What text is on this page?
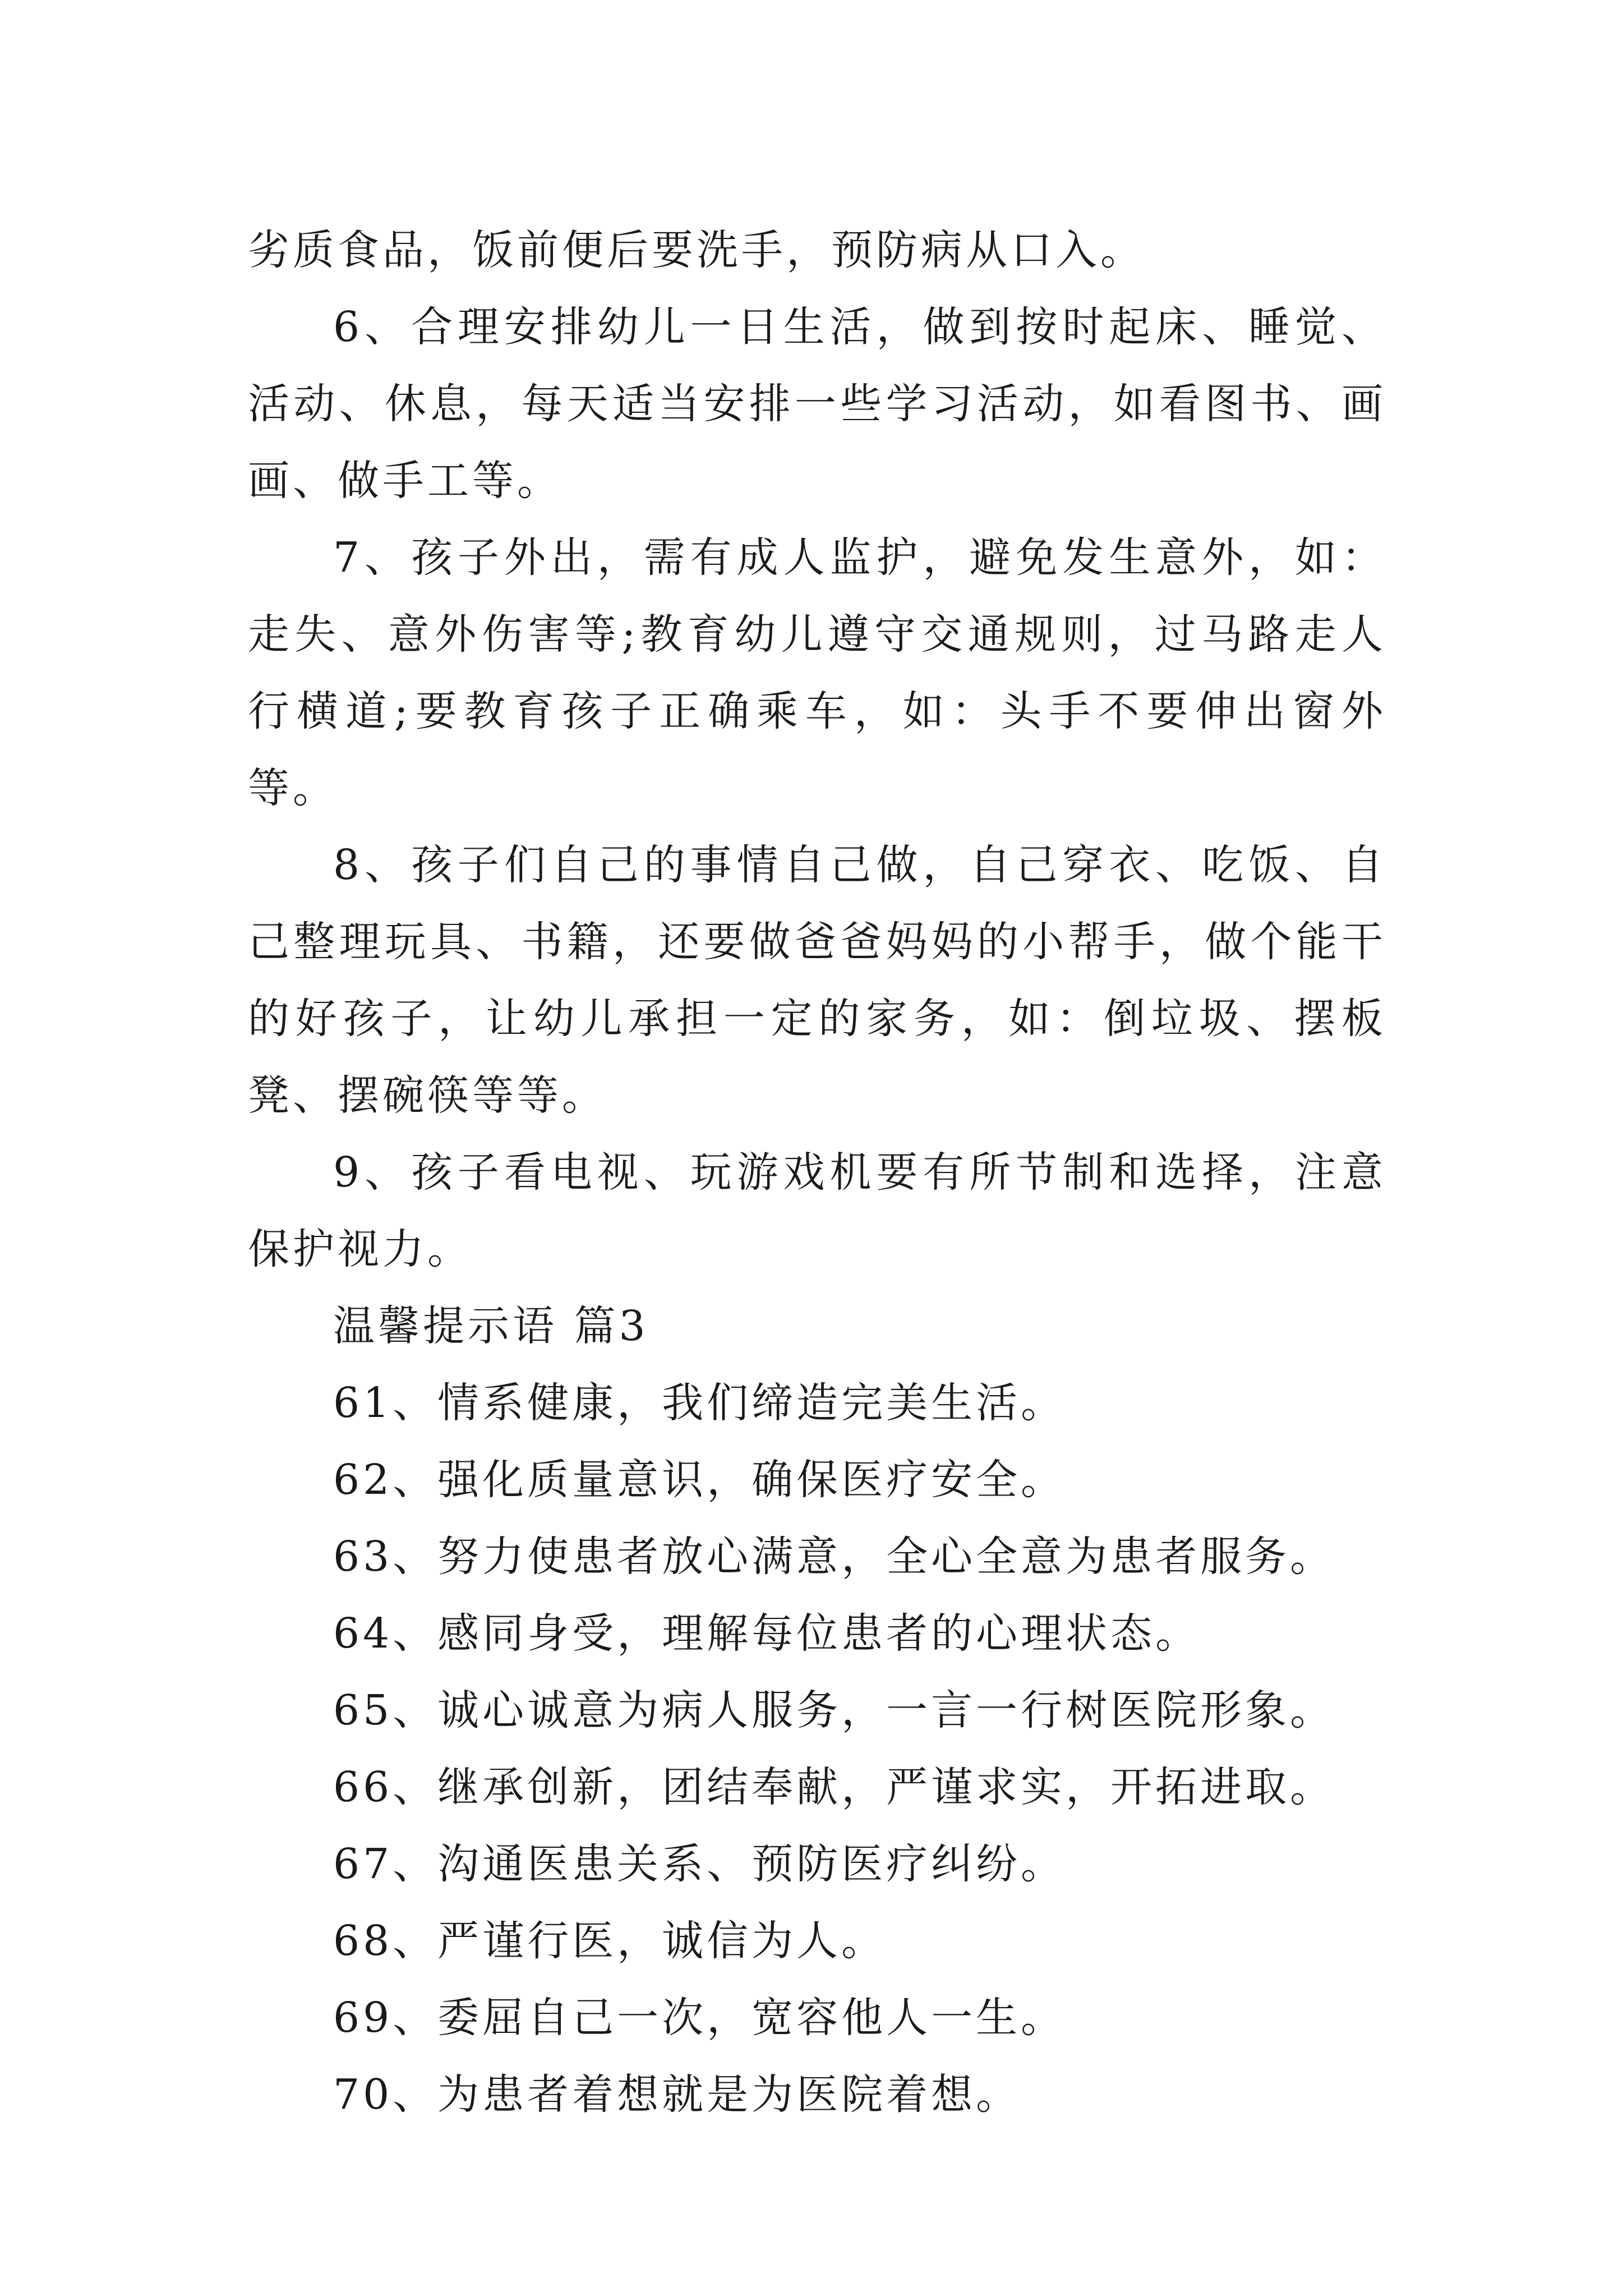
劣质食品，饭前便后要洗手，预防病从口入。

6、合理安排幼儿一日生活，做到按时起床、睡觉、活动、休息，每天适当安排一些学习活动，如看图书、画画、做手工等。

7、孩子外出，需有成人监护，避免发生意外，如：走失、意外伤害等;教育幼儿遵守交通规则，过马路走人行横道;要教育孩子正确乘车，如：头手不要伸出窗外等。

8、孩子们自己的事情自己做，自己穿衣、吃饭、自己整理玩具、书籍，还要做爸爸妈妈的小帮手，做个能干的好孩子，让幼儿承担一定的家务，如：倒垃圾、摆板凳、摆碗筷等等。

9、孩子看电视、玩游戏机要有所节制和选择，注意保护视力。

温馨提示语 篇3

61、情系健康，我们缔造完美生活。

62、强化质量意识，确保医疗安全。

63、努力使患者放心满意，全心全意为患者服务。

64、感同身受，理解每位患者的心理状态。

65、诚心诚意为病人服务，一言一行树医院形象。

66、继承创新，团结奉献，严谨求实，开拓进取。

67、沟通医患关系、预防医疗纠纷。

68、严谨行医，诚信为人。

69、委屈自己一次，宽容他人一生。

70、为患者着想就是为医院着想。
